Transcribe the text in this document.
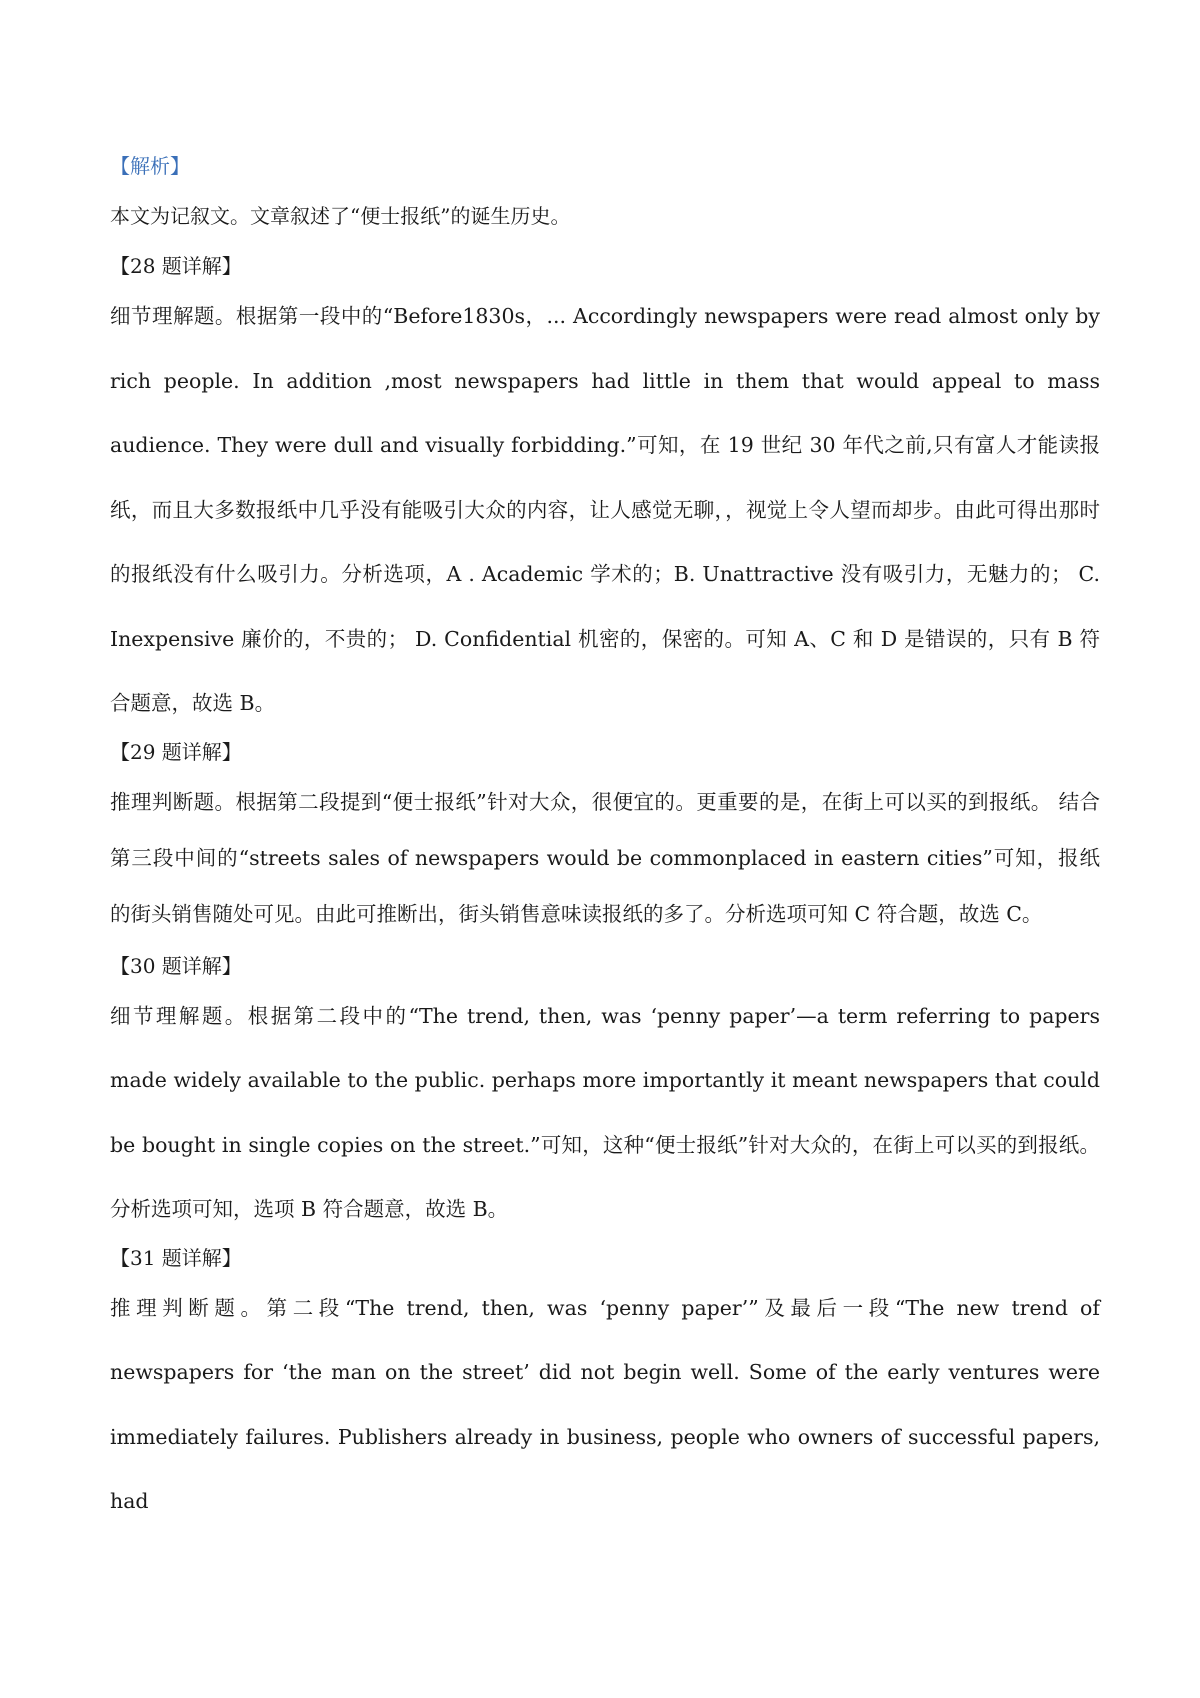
【解析】
本文为记叙文。文章叙述了“便士报纸”的诞生历史。
【28 题详解】
细节理解题。根据第一段中的“Before1830s，... Accordingly newspapers were read almost only by rich people. In addition ,most newspapers had little in them that would appeal to mass audience. They were dull and visually forbidding.”可知，在 19 世纪 30 年代之前,只有富人才能读报纸，而且大多数报纸中几乎没有能吸引大众的内容，让人感觉无聊，，视觉上令人望而却步。由此可得出那时的报纸没有什么吸引力。分析选项，A . Academic 学术的；B. Unattractive 没有吸引力，无魅力的； C. Inexpensive 廉价的，不贵的； D. Confidential 机密的，保密的。可知 A、C 和 D 是错误的，只有 B 符合题意，故选 B。
【29 题详解】
推理判断题。根据第二段提到“便士报纸”针对大众，很便宜的。更重要的是，在街上可以买的到报纸。 结合第三段中间的“streets sales of newspapers would be commonplaced in eastern cities”可知，报纸的街头销售随处可见。由此可推断出，街头销售意味读报纸的多了。分析选项可知 C 符合题，故选 C。
【30 题详解】
细节理解题。根据第二段中的“The trend, then, was ‘penny paper’—a term referring to papers made widely available to the public. perhaps more importantly it meant newspapers that could be bought in single copies on the street.”可知，这种“便士报纸”针对大众的，在街上可以买的到报纸。分析选项可知，选项 B 符合题意，故选 B。
【31 题详解】
推理判断题。第二段“The trend, then, was ‘penny paper’”及最后一段“The new trend of newspapers for ‘the man on the street’ did not begin well. Some of the early ventures were immediately failures. Publishers already in business, people who owners of successful papers, had
